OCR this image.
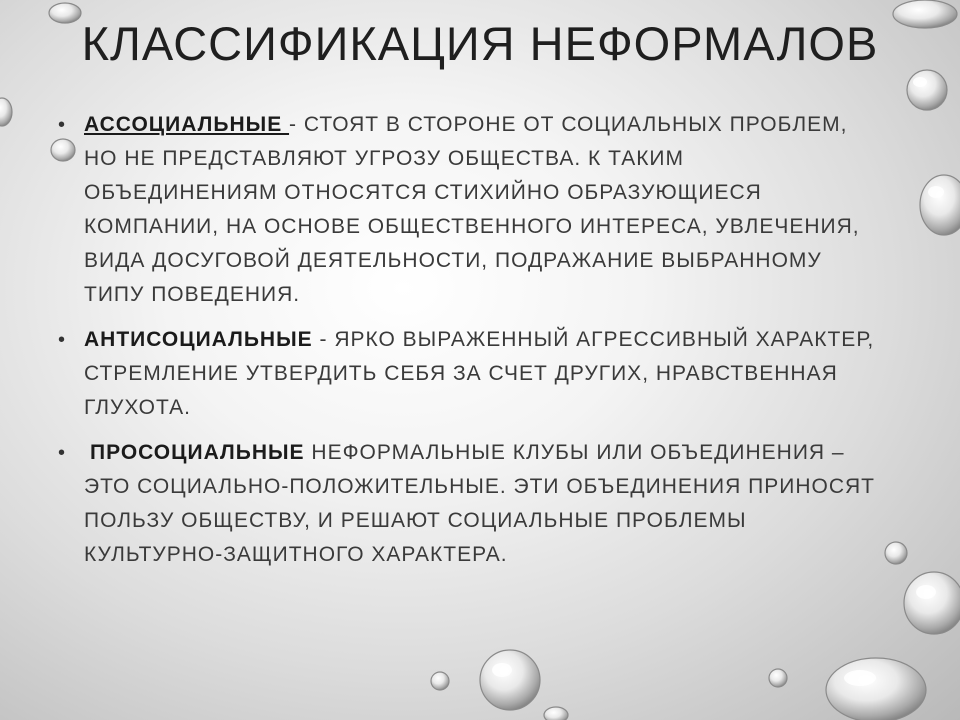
КЛАССИФИКАЦИЯ НЕФОРМАЛОВ
• АССОЦИАЛЬНЫЕ - СТОЯТ В СТОРОНЕ ОТ СОЦИАЛЬНЫХ ПРОБЛЕМ, НО НЕ ПРЕДСТАВЛЯЮТ УГРОЗУ ОБЩЕСТВА. К ТАКИМ ОБЪЕДИНЕНИЯМ ОТНОСЯТСЯ СТИХИЙНО ОБРАЗУЮЩИЕСЯ КОМПАНИИ, НА ОСНОВЕ ОБЩЕСТВЕННОГО ИНТЕРЕСА, УВЛЕЧЕНИЯ, ВИДА ДОСУГОВОЙ ДЕЯТЕЛЬНОСТИ, ПОДРАЖАНИЕ ВЫБРАННОМУ ТИПУ ПОВЕДЕНИЯ.
• АНТИСОЦИАЛЬНЫЕ - ЯРКО ВЫРАЖЕННЫЙ АГРЕССИВНЫЙ ХАРАКТЕР, СТРЕМЛЕНИЕ УТВЕРДИТЬ СЕБЯ ЗА СЧЕТ ДРУГИХ, НРАВСТВЕННАЯ ГЛУХОТА.
• ПРОСОЦИАЛЬНЫЕ НЕФОРМАЛЬНЫЕ КЛУБЫ ИЛИ ОБЪЕДИНЕНИЯ – ЭТО СОЦИАЛЬНО-ПОЛОЖИТЕЛЬНЫЕ. ЭТИ ОБЪЕДИНЕНИЯ ПРИНОСЯТ ПОЛЬЗУ ОБЩЕСТВУ, И РЕШАЮТ СОЦИАЛЬНЫЕ ПРОБЛЕМЫ КУЛЬТУРНО-ЗАЩИТНОГО ХАРАКТЕРА.
